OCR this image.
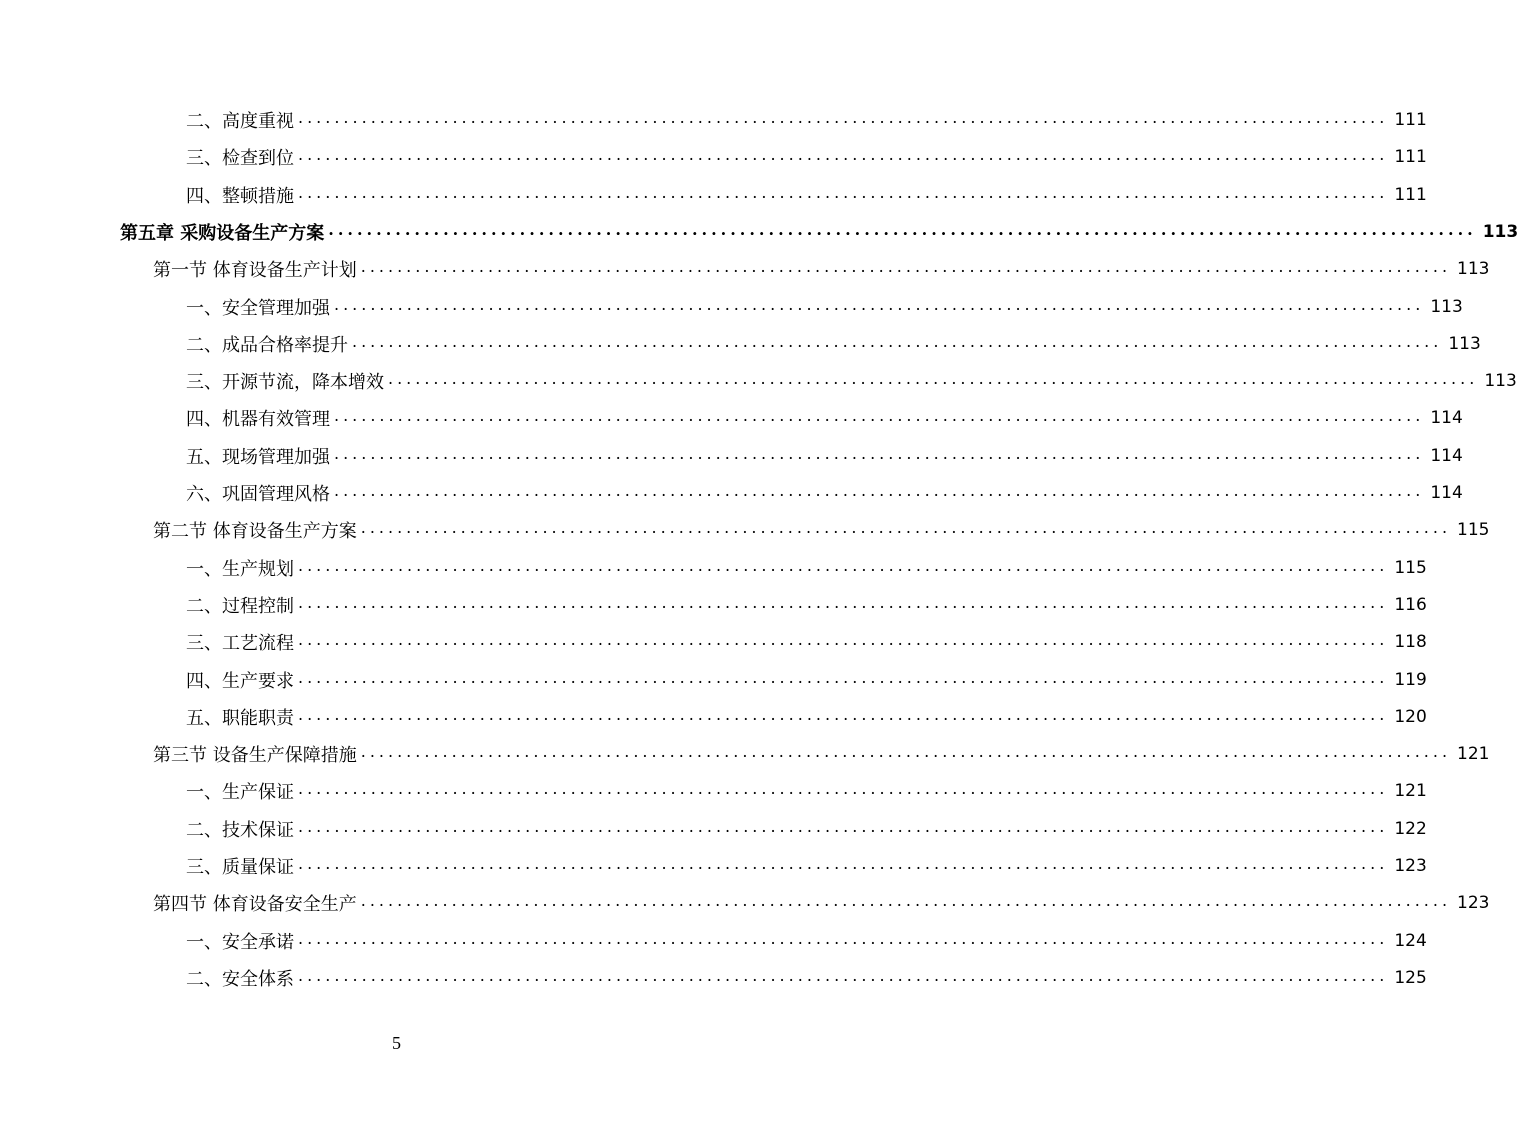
二、高度重视 ........................................................................................................................ 111
三、检查到位 ........................................................................................................................ 111
四、整顿措施 ........................................................................................................................ 111
第五章 采购设备生产方案 ........................................................................................................................ 113
第一节 体育设备生产计划 ........................................................................................................................ 113
一、安全管理加强 ........................................................................................................................ 113
二、成品合格率提升 ........................................................................................................................ 113
三、开源节流，降本增效 ........................................................................................................................ 113
四、机器有效管理 ........................................................................................................................ 114
五、现场管理加强 ........................................................................................................................ 114
六、巩固管理风格 ........................................................................................................................ 114
第二节 体育设备生产方案 ........................................................................................................................ 115
一、生产规划 ........................................................................................................................ 115
二、过程控制 ........................................................................................................................ 116
三、工艺流程 ........................................................................................................................ 118
四、生产要求 ........................................................................................................................ 119
五、职能职责 ........................................................................................................................ 120
第三节 设备生产保障措施 ........................................................................................................................ 121
一、生产保证 ........................................................................................................................ 121
二、技术保证 ........................................................................................................................ 122
三、质量保证 ........................................................................................................................ 123
第四节 体育设备安全生产 ........................................................................................................................ 123
一、安全承诺 ........................................................................................................................ 124
二、安全体系 ........................................................................................................................ 125
5
